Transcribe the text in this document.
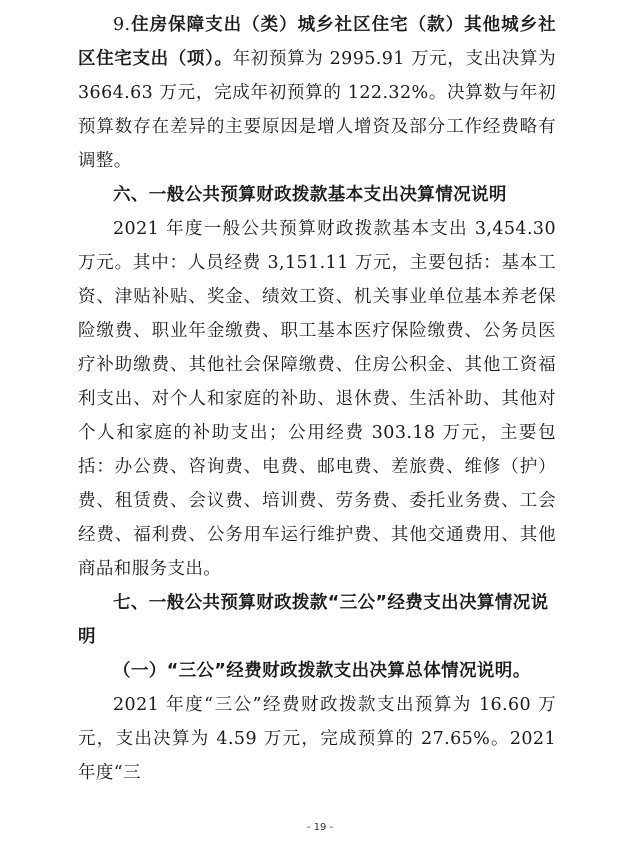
9.住房保障支出（类）城乡社区住宅（款）其他城乡社区住宅支出（项）。年初预算为 2995.91 万元，支出决算为 3664.63 万元，完成年初预算的 122.32%。决算数与年初预算数存在差异的主要原因是增人增资及部分工作经费略有调整。

六、一般公共预算财政拨款基本支出决算情况说明

2021 年度一般公共预算财政拨款基本支出 3,454.30 万元。其中：人员经费 3,151.11 万元，主要包括：基本工资、津贴补贴、奖金、绩效工资、机关事业单位基本养老保险缴费、职业年金缴费、职工基本医疗保险缴费、公务员医疗补助缴费、其他社会保障缴费、住房公积金、其他工资福利支出、对个人和家庭的补助、退休费、生活补助、其他对个人和家庭的补助支出；公用经费 303.18 万元，主要包括：办公费、咨询费、电费、邮电费、差旅费、维修（护）费、租赁费、会议费、培训费、劳务费、委托业务费、工会经费、福利费、公务用车运行维护费、其他交通费用、其他商品和服务支出。

七、一般公共预算财政拨款“三公”经费支出决算情况说明

（一）“三公”经费财政拨款支出决算总体情况说明。

2021 年度“三公”经费财政拨款支出预算为 16.60 万元，支出决算为 4.59 万元，完成预算的 27.65%。2021 年度“三

- 19 -
